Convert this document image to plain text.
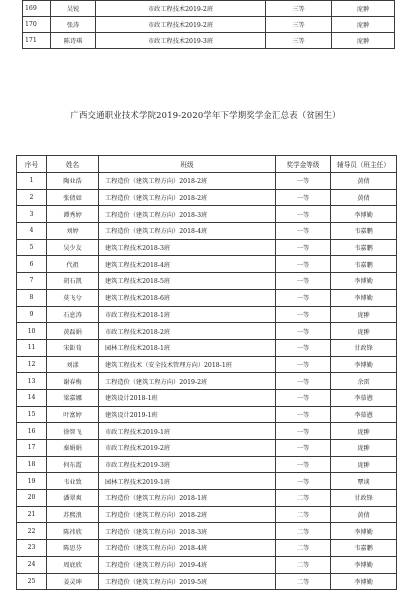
169	吴锐	市政工程技术2019-2班	三等	庞翀
170	张涛	市政工程技术2019-2班	三等	庞翀
171	陈诗琪	市政工程技术2019-3班	三等	庞翀
广西交通职业技术学院2019-2020学年下学期奖学金汇总表（贫困生）
序号	姓名	班级	奖学金等级	辅导员（班主任）
1	陶业浩	工程造价（建筑工程方向）2018-2班	一等	黄倩
2	张倩如	工程造价（建筑工程方向）2018-2班	一等	黄倩
3	谭秀婷	工程造价（建筑工程方向）2018-3班	一等	李博勤
4	刘婷	工程造价（建筑工程方向）2018-4班	一等	韦嘉鹏
5	吴少友	建筑工程技术2018-3班	一等	韦嘉鹏
6	代祖	建筑工程技术2018-4班	一等	韦嘉鹏
7	胡石凯	建筑工程技术2018-5班	一等	李博勤
8	莫飞兮	建筑工程技术2018-6班	一等	李博勤
9	石息涛	市政工程技术2018-1班	一等	庞翀
10	黄磊娟	市政工程技术2018-2班	一等	庞翀
11	宋鉅荀	园林工程技术2018-1班	一等	甘政锋
12	刘漾	建筑工程技术（安全技术管理方向）2018-1班	一等	李博勤
13	谢春梅	工程造价（建筑工程方向）2019-2班	一等	余雷
14	梁嘉娜	建筑设计2018-1班	一等	李慕懑
15	叶富婷	建筑设计2019-1班	一等	李慕懑
16	徐智飞	市政工程技术2019-1班	一等	庞翀
17	秦娟娟	市政工程技术2019-2班	一等	庞翀
18	何东霞	市政工程技术2019-3班	一等	庞翀
19	韦业致	园林工程技术2019-1班	一等	覃谈
20	潘翠爽	工程造价（建筑工程方向）2018-1班	二等	甘政锋
21	苏熙浪	工程造价（建筑工程方向）2018-2班	二等	黄倩
22	陈祎欣	工程造价（建筑工程方向）2018-3班	二等	李博勤
23	陈思芬	工程造价（建筑工程方向）2018-4班	二等	韦嘉鹏
24	周底欣	工程造价（建筑工程方向）2019-4班	二等	李博勤
25	姜灵坤	工程造价（建筑工程方向）2019-5班	二等	李博勤
